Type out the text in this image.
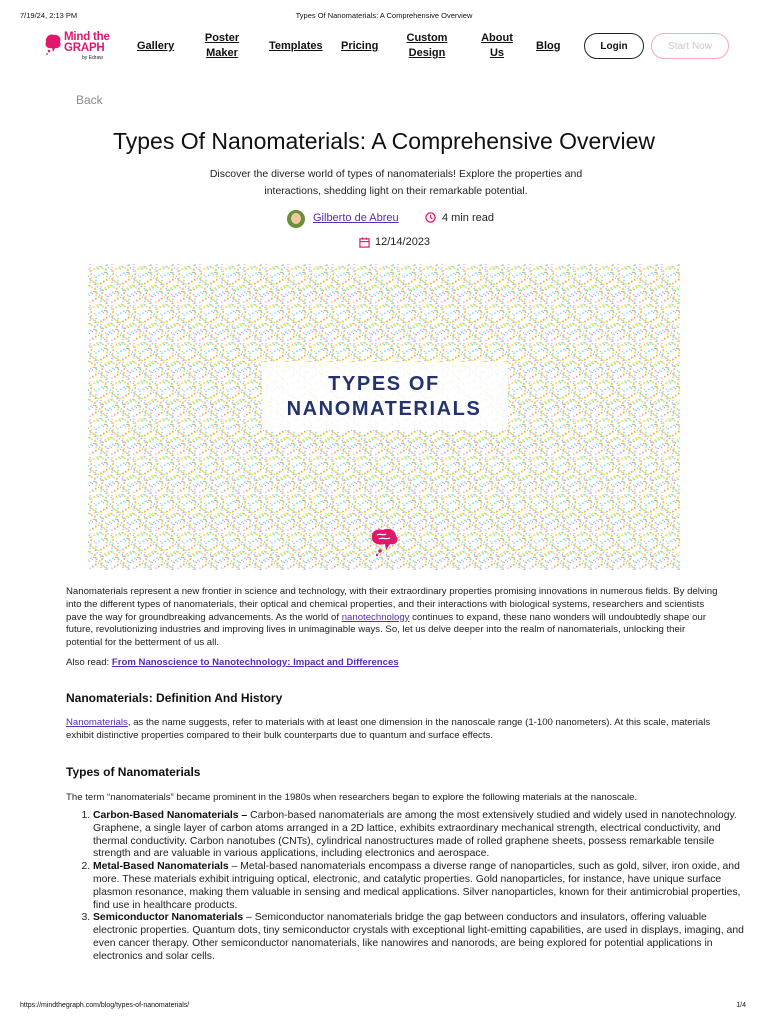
7/19/24, 2:13 PM	Types Of Nanomaterials: A Comprehensive Overview
Mind the
GRAPH
by Edraw
Gallery
Poster
Maker
Templates Pricing
Custom
Design
About
Us
Blog	Login	Start Now
Back
Types Of Nanomaterials: A Comprehensive Overview
Discover the diverse world of types of nanomaterials! Explore the properties and interactions, shedding light on their remarkable potential.
Gilberto de Abreu	4 min read
12/14/2023
TYPES OF
NANOMATERIALS

Nanomaterials represent a new frontier in science and technology, with their extraordinary properties promising innovations in numerous fields. By delving into the different types of nanomaterials, their optical and chemical properties, and their interactions with biological systems, researchers and scientists pave the way for groundbreaking advancements. As the world of nanotechnology continues to expand, these nano wonders will undoubtedly shape our future, revolutionizing industries and improving lives in unimaginable ways. So, let us delve deeper into the realm of nanomaterials, unlocking their potential for the betterment of us all.

Also read: From Nanoscience to Nanotechnology: Impact and Differences
Nanomaterials: Definition And History

Nanomaterials, as the name suggests, refer to materials with at least one dimension in the nanoscale range (1-100 nanometers). At this scale, materials exhibit distinctive properties compared to their bulk counterparts due to quantum and surface effects.

Types of Nanomaterials

The term “nanomaterials” became prominent in the 1980s when researchers began to explore the following materials at the nanoscale.

1. Carbon-Based Nanomaterials – Carbon-based nanomaterials are among the most extensively studied and widely used in nanotechnology. Graphene, a single layer of carbon atoms arranged in a 2D lattice, exhibits extraordinary mechanical strength, electrical conductivity, and thermal conductivity. Carbon nanotubes (CNTs), cylindrical nanostructures made of rolled graphene sheets, possess remarkable tensile strength and are valuable in various applications, including electronics and aerospace.
2. Metal-Based Nanomaterials – Metal-based nanomaterials encompass a diverse range of nanoparticles, such as gold, silver, iron oxide, and more. These materials exhibit intriguing optical, electronic, and catalytic properties. Gold nanoparticles, for instance, have unique surface plasmon resonance, making them valuable in sensing and medical applications. Silver nanoparticles, known for their antimicrobial properties, find use in healthcare products.
3. Semiconductor Nanomaterials – Semiconductor nanomaterials bridge the gap between conductors and insulators, offering valuable electronic properties. Quantum dots, tiny semiconductor crystals with exceptional light-emitting capabilities, are used in displays, imaging, and even cancer therapy. Other semiconductor nanomaterials, like nanowires and nanorods, are being explored for potential applications in electronics and solar cells.
https://mindthegraph.com/blog/types-of-nanomaterials/	1/4
